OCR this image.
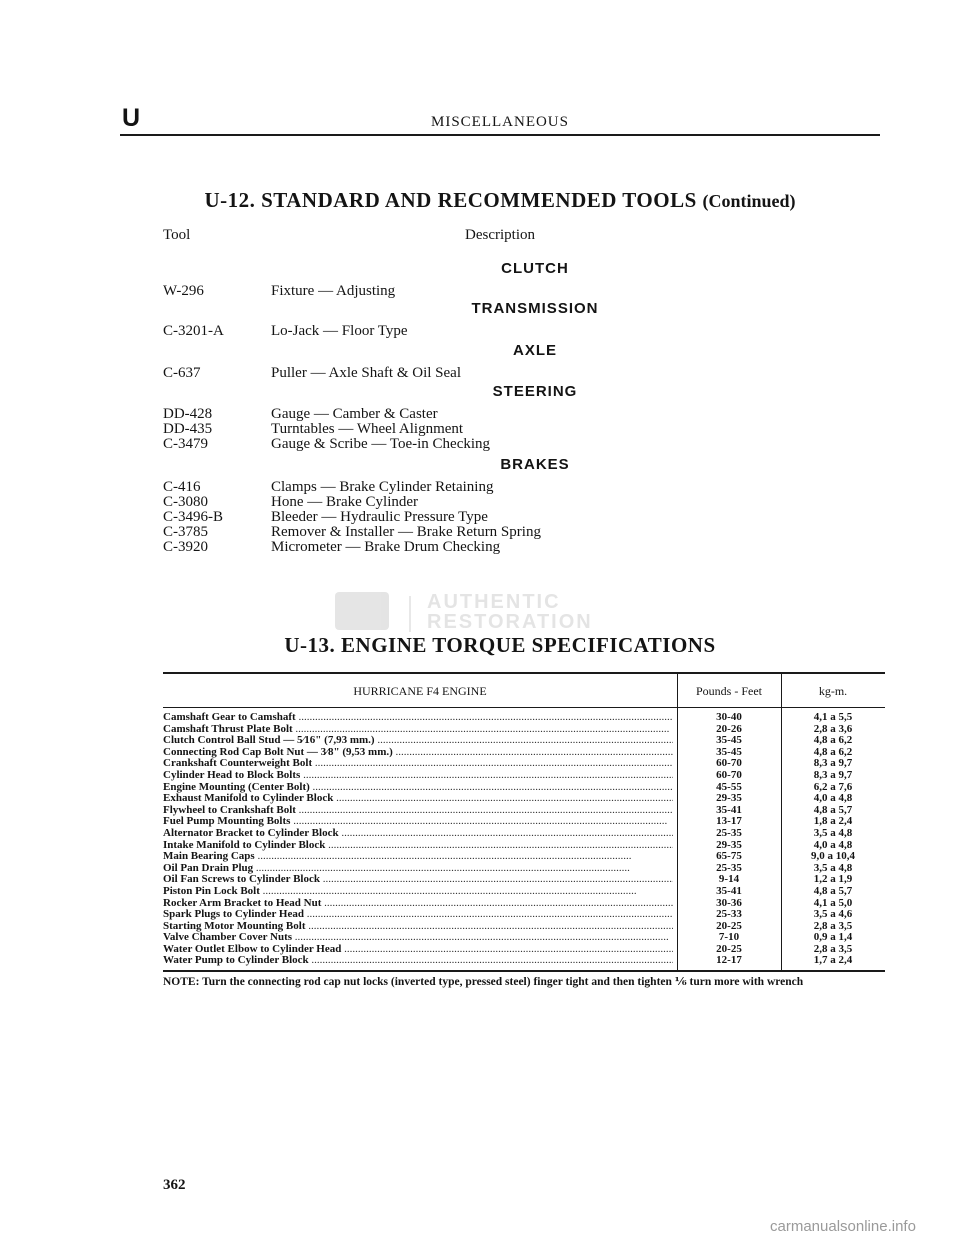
U	MISCELLANEOUS
U-12. STANDARD AND RECOMMENDED TOOLS (Continued)
Tool	Description
CLUTCH
W-296	Fixture — Adjusting
TRANSMISSION
C-3201-A	Lo-Jack — Floor Type
AXLE
C-637	Puller — Axle Shaft & Oil Seal
STEERING
DD-428	Gauge — Camber & Caster
DD-435	Turntables — Wheel Alignment
C-3479	Gauge & Scribe — Toe-in Checking
BRAKES
C-416	Clamps — Brake Cylinder Retaining
C-3080	Hone — Brake Cylinder
C-3496-B	Bleeder — Hydraulic Pressure Type
C-3785	Remover & Installer — Brake Return Spring
C-3920	Micrometer — Brake Drum Checking
AUTHENTIC
RESTORATION
U-13. ENGINE TORQUE SPECIFICATIONS
HURRICANE F4 ENGINE	Pounds - Feet	kg-m.
Camshaft Gear to Camshaft .....	30-40	4,1 a 5,5
Camshaft Thrust Plate Bolt .....	20-26	2,8 a 3,6
Clutch Control Ball Stud — 5⁄16" (7,93 mm.) .....	35-45	4,8 a 6,2
Connecting Rod Cap Bolt Nut — 3⁄8" (9,53 mm.) .....	35-45	4,8 a 6,2
Crankshaft Counterweight Bolt .....	60-70	8,3 a 9,7
Cylinder Head to Block Bolts .....	60-70	8,3 a 9,7
Engine Mounting (Center Bolt) .....	45-55	6,2 a 7,6
Exhaust Manifold to Cylinder Block .....	29-35	4,0 a 4,8
Flywheel to Crankshaft Bolt .....	35-41	4,8 a 5,7
Fuel Pump Mounting Bolts .....	13-17	1,8 a 2,4
Alternator Bracket to Cylinder Block .....	25-35	3,5 a 4,8
Intake Manifold to Cylinder Block .....	29-35	4,0 a 4,8
Main Bearing Caps .....	65-75	9,0 a 10,4
Oil Pan Drain Plug .....	25-35	3,5 a 4,8
Oil Fan Screws to Cylinder Block .....	9-14	1,2 a 1,9
Piston Pin Lock Bolt .....	35-41	4,8 a 5,7
Rocker Arm Bracket to Head Nut .....	30-36	4,1 a 5,0
Spark Plugs to Cylinder Head .....	25-33	3,5 a 4,6
Starting Motor Mounting Bolt .....	20-25	2,8 a 3,5
Valve Chamber Cover Nuts .....	7-10	0,9 a 1,4
Water Outlet Elbow to Cylinder Head .....	20-25	2,8 a 3,5
Water Pump to Cylinder Block .....	12-17	1,7 a 2,4
NOTE: Turn the connecting rod cap nut locks (inverted type, pressed steel) finger tight and then tighten ⅙ turn more with wrench
362
carmanualsonline.info
